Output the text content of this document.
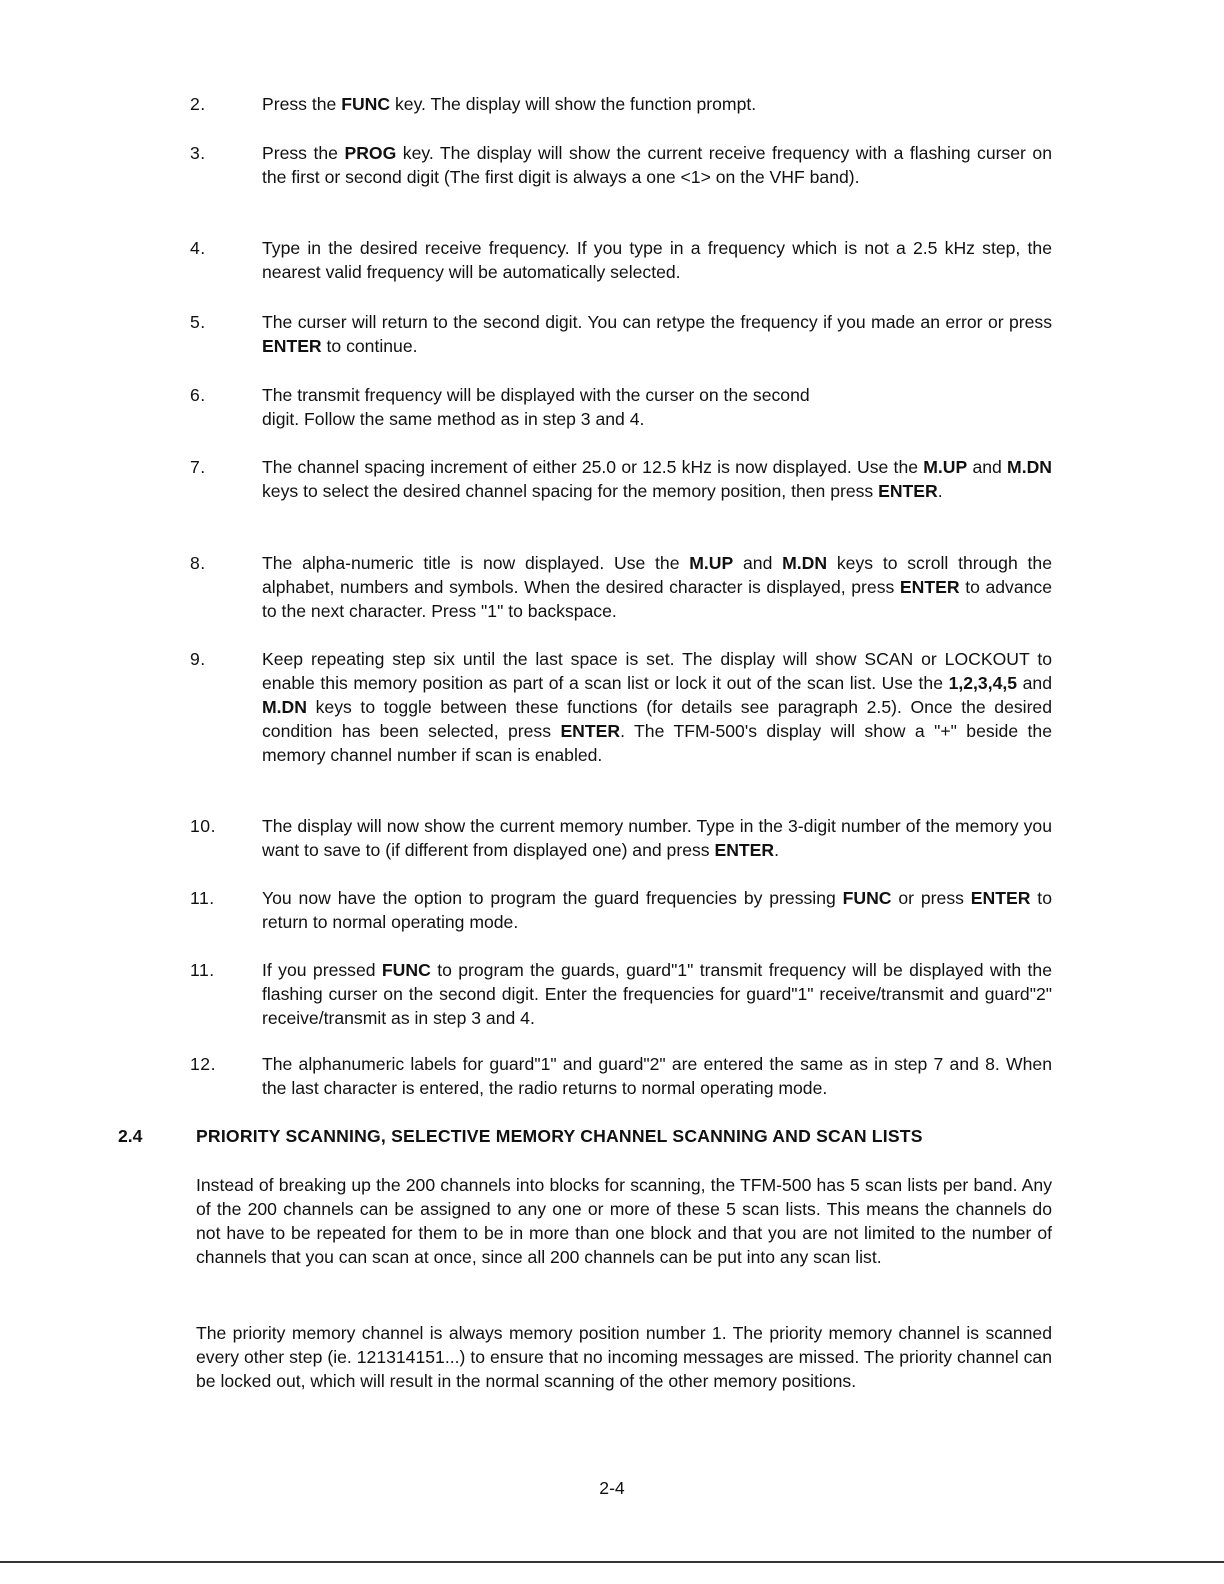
2.	Press the FUNC key. The display will show the function prompt.
3.	Press the PROG key. The display will show the current receive frequency with a flashing curser on the first or second digit (The first digit is always a one <1> on the VHF band).
4.	Type in the desired receive frequency. If you type in a frequency which is not a 2.5 kHz step, the nearest valid frequency will be automatically selected.
5.	The curser will return to the second digit. You can retype the frequency if you made an error or press ENTER to continue.
6.	The transmit frequency will be displayed with the curser on the second
digit. Follow the same method as in step 3 and 4.
7.	The channel spacing increment of either 25.0 or 12.5 kHz is now displayed. Use the M.UP and M.DN keys to select the desired channel spacing for the memory position, then press ENTER.
8.	The alpha-numeric title is now displayed. Use the M.UP and M.DN keys to scroll through the alphabet, numbers and symbols. When the desired character is displayed, press ENTER to advance to the next character. Press "1" to backspace.
9.	Keep repeating step six until the last space is set. The display will show SCAN or LOCKOUT to enable this memory position as part of a scan list or lock it out of the scan list. Use the 1,2,3,4,5 and M.DN keys to toggle between these functions (for details see paragraph 2.5). Once the desired condition has been selected, press ENTER. The TFM-500's display will show a "+" beside the memory channel number if scan is enabled.
10.	The display will now show the current memory number. Type in the 3-digit number of the memory you want to save to (if different from displayed one) and press ENTER.
11.	You now have the option to program the guard frequencies by pressing FUNC or press ENTER to return to normal operating mode.
11.	If you pressed FUNC to program the guards, guard"1" transmit frequency will be displayed with the flashing curser on the second digit. Enter the frequencies for guard"1" receive/transmit and guard"2" receive/transmit as in step 3 and 4.
12.	The alphanumeric labels for guard"1" and guard"2" are entered the same as in step 7 and 8. When the last character is entered, the radio returns to normal operating mode.
2.4	PRIORITY SCANNING, SELECTIVE MEMORY CHANNEL SCANNING AND SCAN LISTS
Instead of breaking up the 200 channels into blocks for scanning, the TFM-500 has 5 scan lists per band. Any of the 200 channels can be assigned to any one or more of these 5 scan lists. This means the channels do not have to be repeated for them to be in more than one block and that you are not limited to the number of channels that you can scan at once, since all 200 channels can be put into any scan list.
The priority memory channel is always memory position number 1. The priority memory channel is scanned every other step (ie. 121314151...) to ensure that no incoming messages are missed. The priority channel can be locked out, which will result in the normal scanning of the other memory positions.
2-4
